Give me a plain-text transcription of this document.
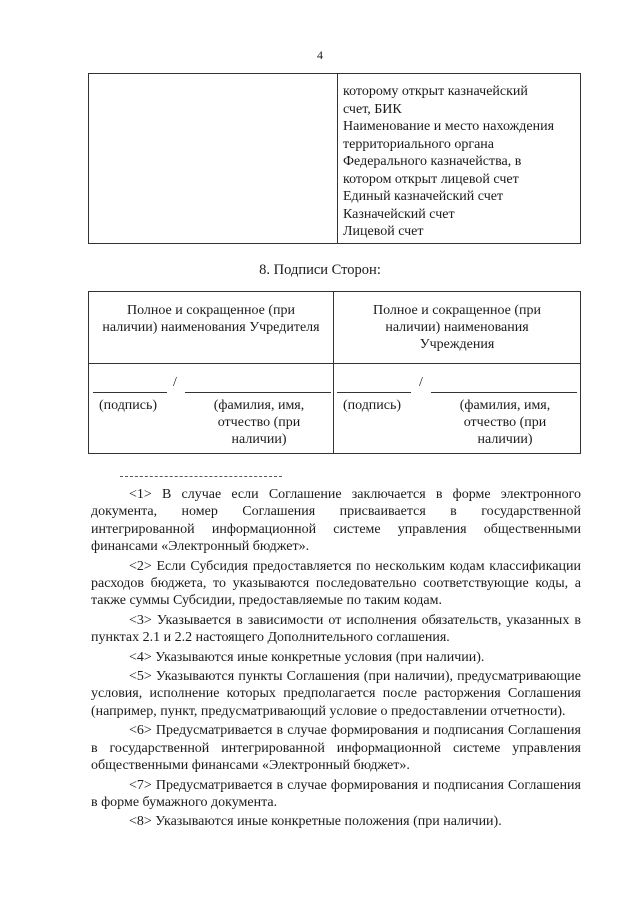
4
которому открыт казначейский
счет, БИК
Наименование и место нахождения
территориального органа
Федерального казначейства, в
котором открыт лицевой счет
Единый казначейский счет
Казначейский счет
Лицевой счет
8. Подписи Сторон:
Полное и сокращенное (при
наличии) наименования Учредителя
Полное и сокращенное (при
наличии) наименования
Учреждения
/
(подпись)	(фамилия, имя,
отчество (при
наличии)
/
(подпись)	(фамилия, имя,
отчество (при
наличии)

<1> В случае если Соглашение заключается в форме электронного документа, номер Соглашения присваивается в государственной интегрированной информационной системе управления общественными финансами «Электронный бюджет».

<2> Если Субсидия предоставляется по нескольким кодам классификации расходов бюджета, то указываются последовательно соответствующие коды, а также суммы Субсидии, предоставляемые по таким кодам.

<3> Указывается в зависимости от исполнения обязательств, указанных в пунктах 2.1 и 2.2 настоящего Дополнительного соглашения.

<4> Указываются иные конкретные условия (при наличии).

<5> Указываются пункты Соглашения (при наличии), предусматривающие условия, исполнение которых предполагается после расторжения Соглашения (например, пункт, предусматривающий условие о предоставлении отчетности).

<6> Предусматривается в случае формирования и подписания Соглашения в государственной интегрированной информационной системе управления общественными финансами «Электронный бюджет».

<7> Предусматривается в случае формирования и подписания Соглашения в форме бумажного документа.

<8> Указываются иные конкретные положения (при наличии).
